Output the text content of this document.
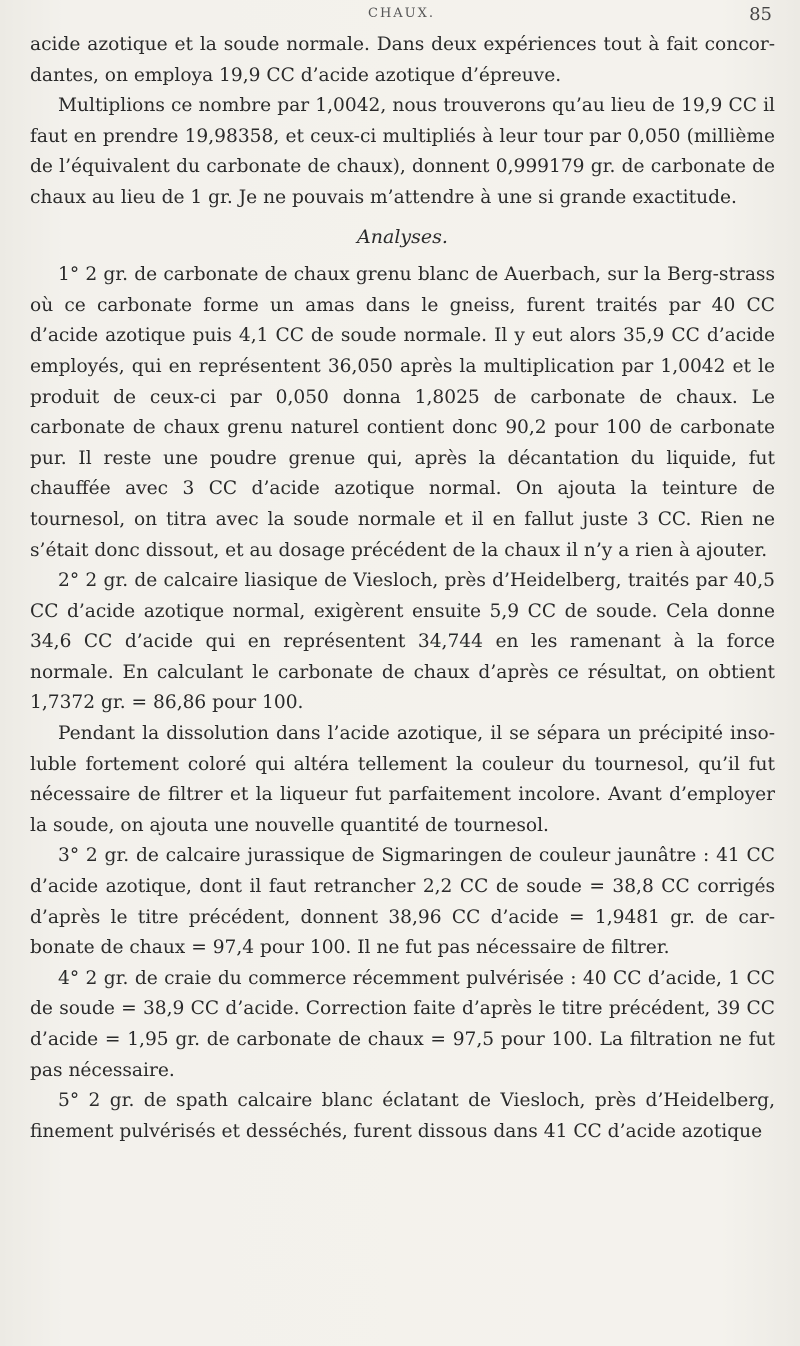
CHAUX.	85

acide azotique et la soude normale. Dans deux expériences tout à fait concor-dantes, on employa 19,9 CC d’acide azotique d’épreuve.

Multiplions ce nombre par 1,0042, nous trouverons qu’au lieu de 19,9 CC il faut en prendre 19,98358, et ceux-ci multipliés à leur tour par 0,050 (millième de l’équivalent du carbonate de chaux), donnent 0,999179 gr. de carbonate de chaux au lieu de 1 gr. Je ne pouvais m’attendre à une si grande exactitude.

Analyses.

1° 2 gr. de carbonate de chaux grenu blanc de Auerbach, sur la Berg-strass où ce carbonate forme un amas dans le gneiss, furent traités par 40 CC d’acide azotique puis 4,1 CC de soude normale. Il y eut alors 35,9 CC d’acide employés, qui en représentent 36,050 après la multiplication par 1,0042 et le produit de ceux-ci par 0,050 donna 1,8025 de carbonate de chaux. Le carbonate de chaux grenu naturel contient donc 90,2 pour 100 de carbonate pur. Il reste une poudre grenue qui, après la décantation du liquide, fut chauffée avec 3 CC d’acide azotique normal. On ajouta la teinture de tournesol, on titra avec la soude normale et il en fallut juste 3 CC. Rien ne s’était donc dissout, et au dosage précédent de la chaux il n’y a rien à ajouter.

2° 2 gr. de calcaire liasique de Viesloch, près d’Heidelberg, traités par 40,5 CC d’acide azotique normal, exigèrent ensuite 5,9 CC de soude. Cela donne 34,6 CC d’acide qui en représentent 34,744 en les ramenant à la force normale. En calculant le carbonate de chaux d’après ce résultat, on obtient 1,7372 gr. = 86,86 pour 100.

Pendant la dissolution dans l’acide azotique, il se sépara un précipité inso-luble fortement coloré qui altéra tellement la couleur du tournesol, qu’il fut nécessaire de filtrer et la liqueur fut parfaitement incolore. Avant d’employer la soude, on ajouta une nouvelle quantité de tournesol.

3° 2 gr. de calcaire jurassique de Sigmaringen de couleur jaunâtre : 41 CC d’acide azotique, dont il faut retrancher 2,2 CC de soude = 38,8 CC corrigés d’après le titre précédent, donnent 38,96 CC d’acide = 1,9481 gr. de car-bonate de chaux = 97,4 pour 100. Il ne fut pas nécessaire de filtrer.

4° 2 gr. de craie du commerce récemment pulvérisée : 40 CC d’acide, 1 CC de soude = 38,9 CC d’acide. Correction faite d’après le titre précédent, 39 CC d’acide = 1,95 gr. de carbonate de chaux = 97,5 pour 100. La filtration ne fut pas nécessaire.

5° 2 gr. de spath calcaire blanc éclatant de Viesloch, près d’Heidelberg, finement pulvérisés et desséchés, furent dissous dans 41 CC d’acide azotique
